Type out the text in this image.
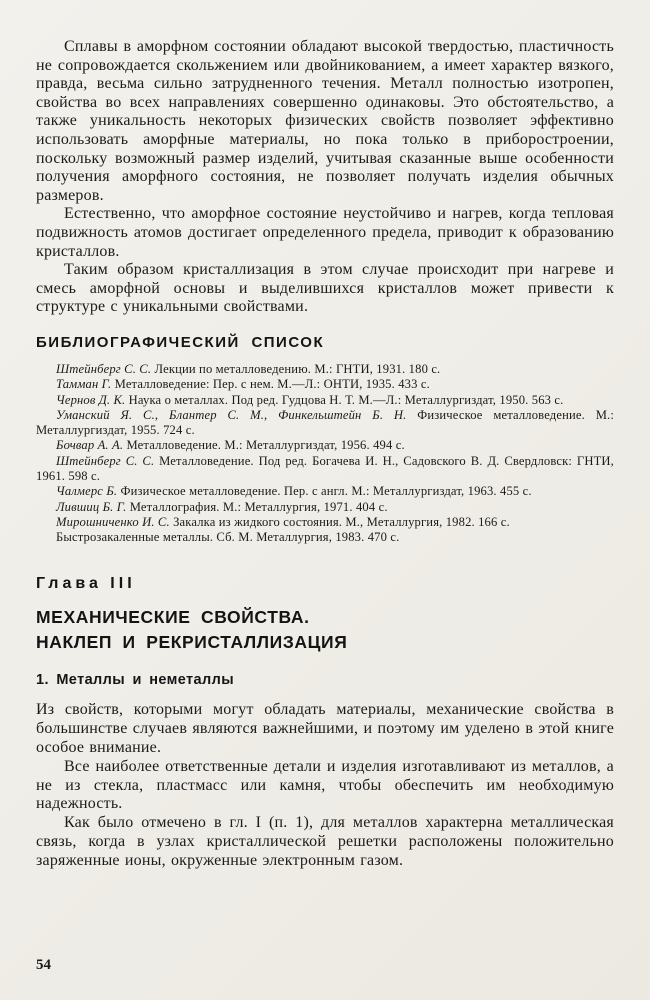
Сплавы в аморфном состоянии обладают высокой твердостью, пластичность не сопровождается скольжением или двойникованием, а имеет характер вязкого, правда, весьма сильно затрудненного течения. Металл полностью изотропен, свойства во всех направлениях совершенно одинаковы. Это обстоятельство, а также уникальность некоторых физических свойств позволяет эффективно использовать аморфные материалы, но пока только в приборостроении, поскольку возможный размер изделий, учитывая сказанные выше особенности получения аморфного состояния, не позволяет получать изделия обычных размеров.

Естественно, что аморфное состояние неустойчиво и нагрев, когда тепловая подвижность атомов достигает определенного предела, приводит к образованию кристаллов.

Таким образом кристаллизация в этом случае происходит при нагреве и смесь аморфной основы и выделившихся кристаллов может привести к структуре с уникальными свойствами.

БИБЛИОГРАФИЧЕСКИЙ СПИСОК

Штейнберг С. С. Лекции по металловедению. М.: ГНТИ, 1931. 180 с.

Тамман Г. Металловедение: Пер. с нем. М.—Л.: ОНТИ, 1935. 433 с.

Чернов Д. К. Наука о металлах. Под ред. Гудцова Н. Т. М.—Л.: Металлургиздат, 1950. 563 с.

Уманский Я. С., Блантер С. М., Финкельштейн Б. Н. Физическое металловедение. М.: Металлургиздат, 1955. 724 с.

Бочвар А. А. Металловедение. М.: Металлургиздат, 1956. 494 с.

Штейнберг С. С. Металловедение. Под ред. Богачева И. Н., Садовского В. Д. Свердловск: ГНТИ, 1961. 598 с.

Чалмерс Б. Физическое металловедение. Пер. с англ. М.: Металлургиздат, 1963. 455 с.

Лившиц Б. Г. Металлография. М.: Металлургия, 1971. 404 с.

Мирошниченко И. С. Закалка из жидкого состояния. М., Металлургия, 1982. 166 с.

Быстрозакаленные металлы. Сб. М. Металлургия, 1983. 470 с.

Глава III

МЕХАНИЧЕСКИЕ СВОЙСТВА.
НАКЛЕП И РЕКРИСТАЛЛИЗАЦИЯ
1. Металлы и неметаллы

Из свойств, которыми могут обладать материалы, механические свойства в большинстве случаев являются важнейшими, и поэтому им уделено в этой книге особое внимание.

Все наиболее ответственные детали и изделия изготавливают из металлов, а не из стекла, пластмасс или камня, чтобы обеспечить им необходимую надежность.

Как было отмечено в гл. I (п. 1), для металлов характерна металлическая связь, когда в узлах кристаллической решетки расположены положительно заряженные ионы, окруженные электронным газом.

54
